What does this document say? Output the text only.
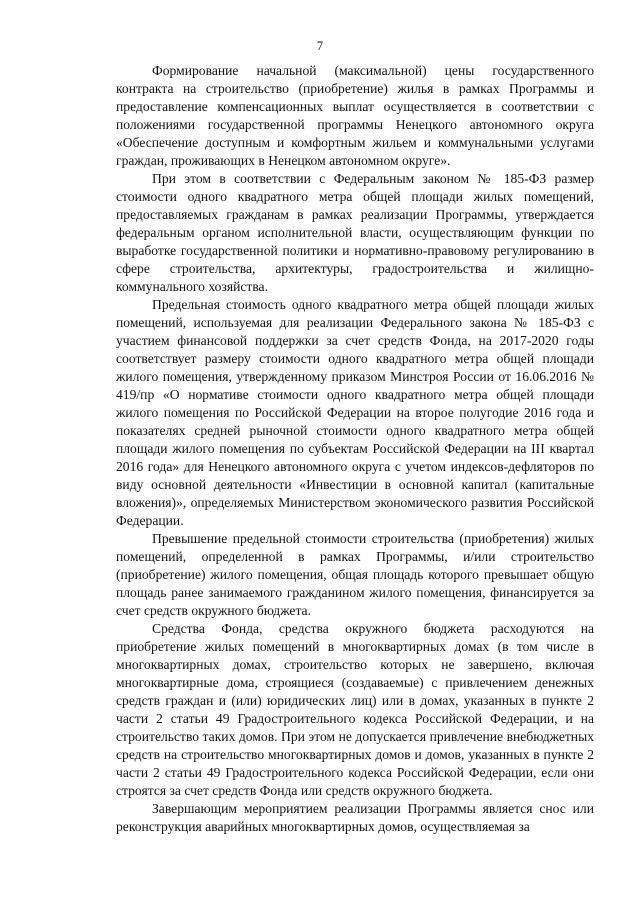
7

Формирование начальной (максимальной) цены государственного контракта на строительство (приобретение) жилья в рамках Программы и предоставление компенсационных выплат осуществляется в соответствии с положениями государственной программы Ненецкого автономного округа «Обеспечение доступным и комфортным жильем и коммунальными услугами граждан, проживающих в Ненецком автономном округе».

При этом в соответствии с Федеральным законом № 185-ФЗ размер стоимости одного квадратного метра общей площади жилых помещений, предоставляемых гражданам в рамках реализации Программы, утверждается федеральным органом исполнительной власти, осуществляющим функции по выработке государственной политики и нормативно-правовому регулированию в сфере строительства, архитектуры, градостроительства и жилищно-коммунального хозяйства.

Предельная стоимость одного квадратного метра общей площади жилых помещений, используемая для реализации Федерального закона № 185-ФЗ с участием финансовой поддержки за счет средств Фонда, на 2017-2020 годы соответствует размеру стоимости одного квадратного метра общей площади жилого помещения, утвержденному приказом Минстроя России от 16.06.2016 № 419/пр «О нормативе стоимости одного квадратного метра общей площади жилого помещения по Российской Федерации на второе полугодие 2016 года и показателях средней рыночной стоимости одного квадратного метра общей площади жилого помещения по субъектам Российской Федерации на III квартал 2016 года» для Ненецкого автономного округа с учетом индексов-дефляторов по виду основной деятельности «Инвестиции в основной капитал (капитальные вложения)», определяемых Министерством экономического развития Российской Федерации.

Превышение предельной стоимости строительства (приобретения) жилых помещений, определенной в рамках Программы, и/или строительство (приобретение) жилого помещения, общая площадь которого превышает общую площадь ранее занимаемого гражданином жилого помещения, финансируется за счет средств окружного бюджета.

Средства Фонда, средства окружного бюджета расходуются на приобретение жилых помещений в многоквартирных домах (в том числе в многоквартирных домах, строительство которых не завершено, включая многоквартирные дома, строящиеся (создаваемые) с привлечением денежных средств граждан и (или) юридических лиц) или в домах, указанных в пункте 2 части 2 статьи 49 Градостроительного кодекса Российской Федерации, и на строительство таких домов. При этом не допускается привлечение внебюджетных средств на строительство многоквартирных домов и домов, указанных в пункте 2 части 2 статьи 49 Градостроительного кодекса Российской Федерации, если они строятся за счет средств Фонда или средств окружного бюджета.

Завершающим мероприятием реализации Программы является снос или реконструкция аварийных многоквартирных домов, осуществляемая за
